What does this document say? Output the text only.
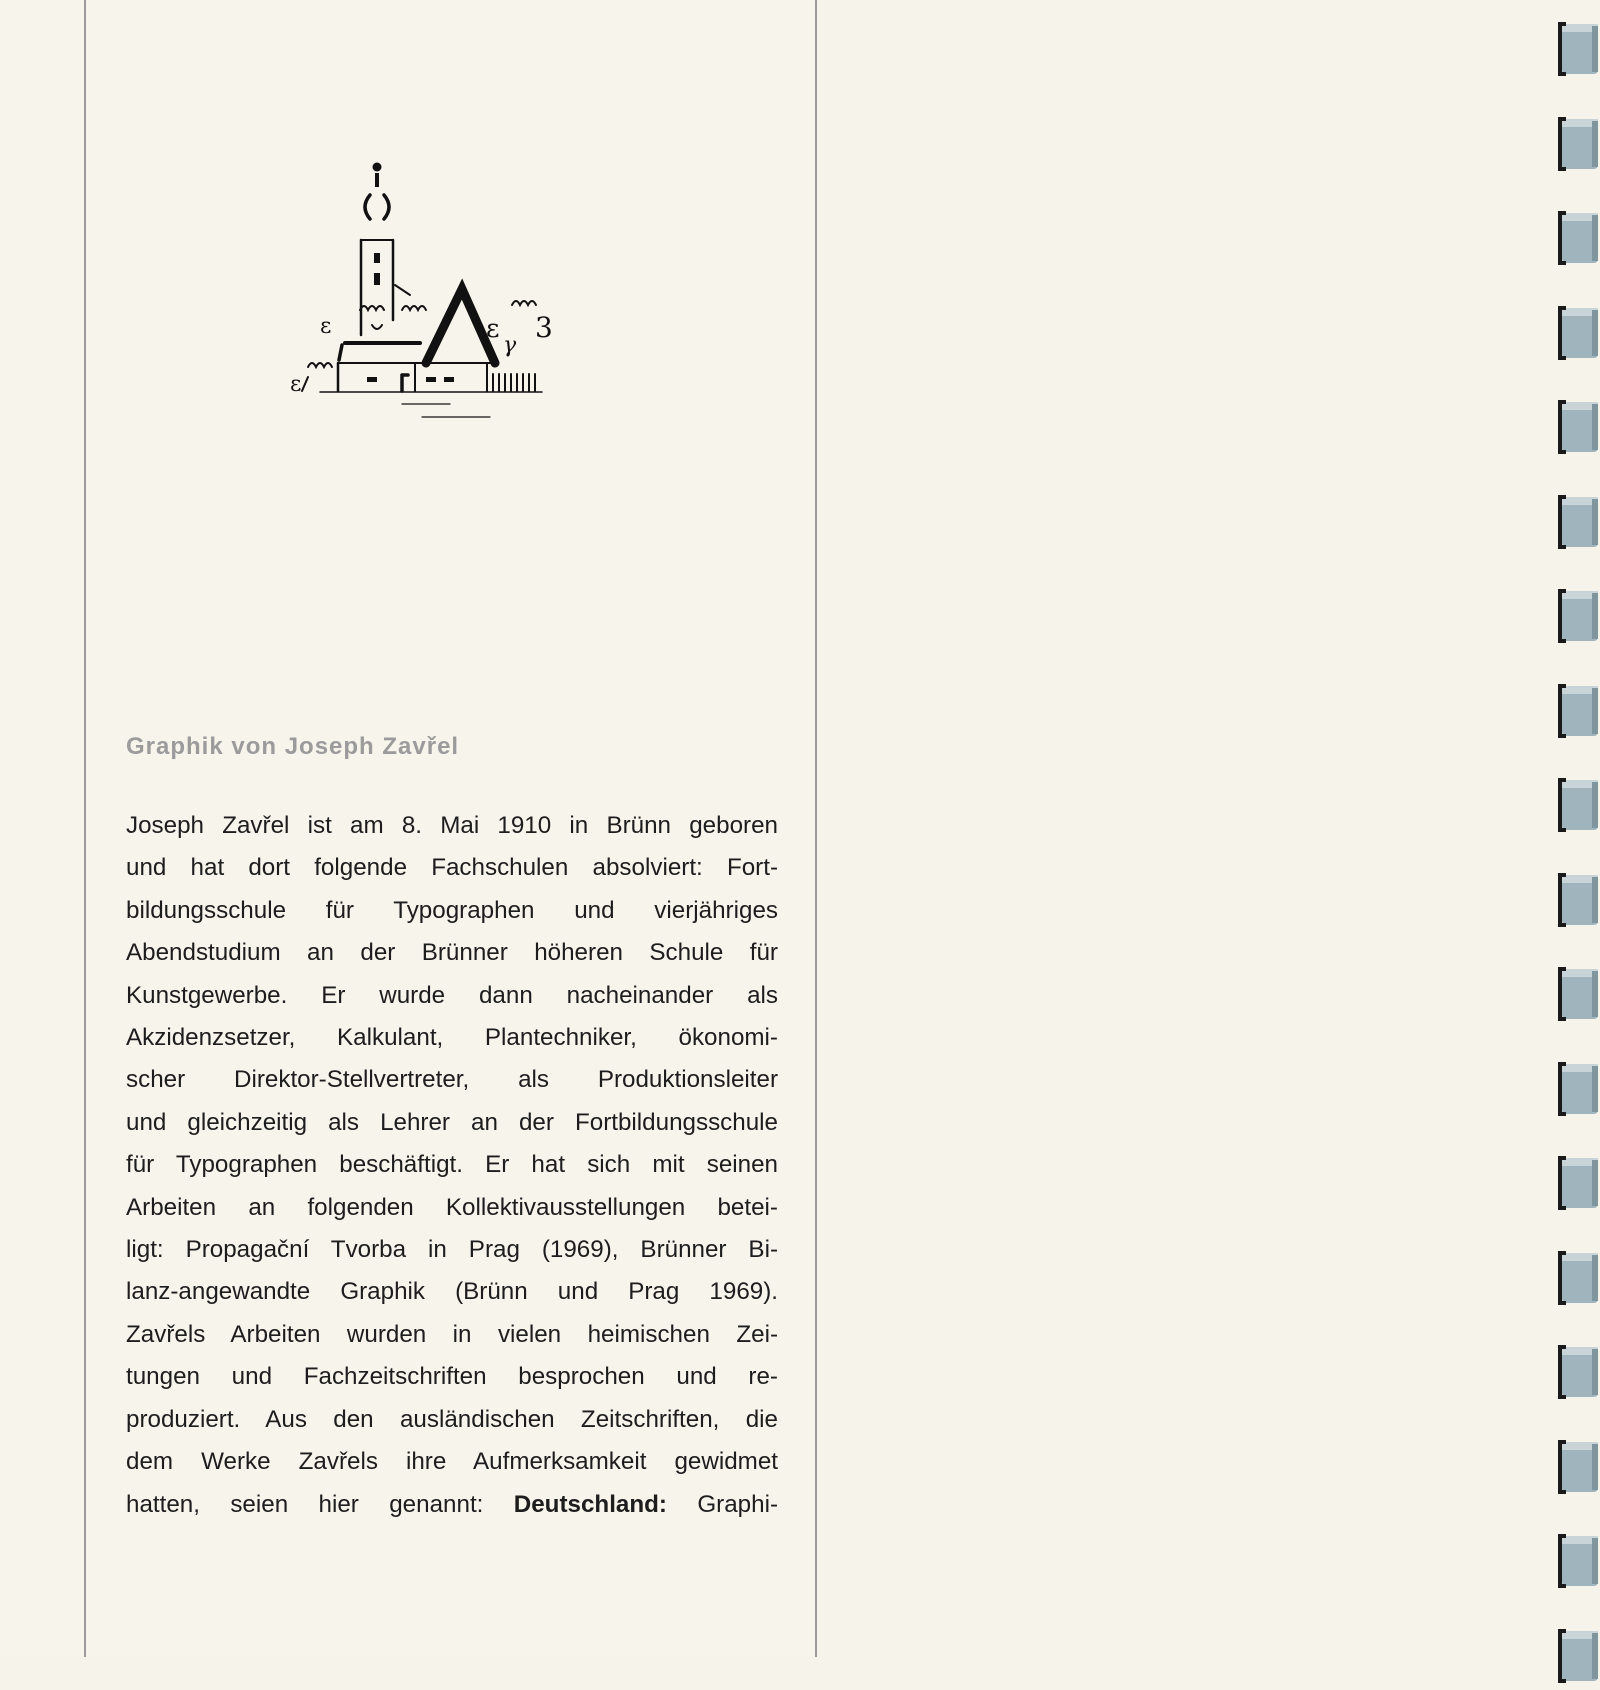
ε	ε
γ
3
ε
Graphik von Joseph Zavřel
Joseph Zavřel ist am 8. Mai 1910 in Brünn geboren
und hat dort folgende Fachschulen absolviert: Fort-
bildungsschule für Typographen und vierjähriges
Abendstudium an der Brünner höheren Schule für
Kunstgewerbe. Er wurde dann nacheinander als
Akzidenzsetzer, Kalkulant, Plantechniker, ökonomi-
scher Direktor-Stellvertreter, als Produktionsleiter
und gleichzeitig als Lehrer an der Fortbildungsschule
für Typographen beschäftigt. Er hat sich mit seinen
Arbeiten an folgenden Kollektivausstellungen betei-
ligt: Propagační Tvorba in Prag (1969), Brünner Bi-
lanz-angewandte Graphik (Brünn und Prag 1969).
Zavřels Arbeiten wurden in vielen heimischen Zei-
tungen und Fachzeitschriften besprochen und re-
produziert. Aus den ausländischen Zeitschriften, die
dem Werke Zavřels ihre Aufmerksamkeit gewidmet
hatten, seien hier genannt: Deutschland: Graphi-
